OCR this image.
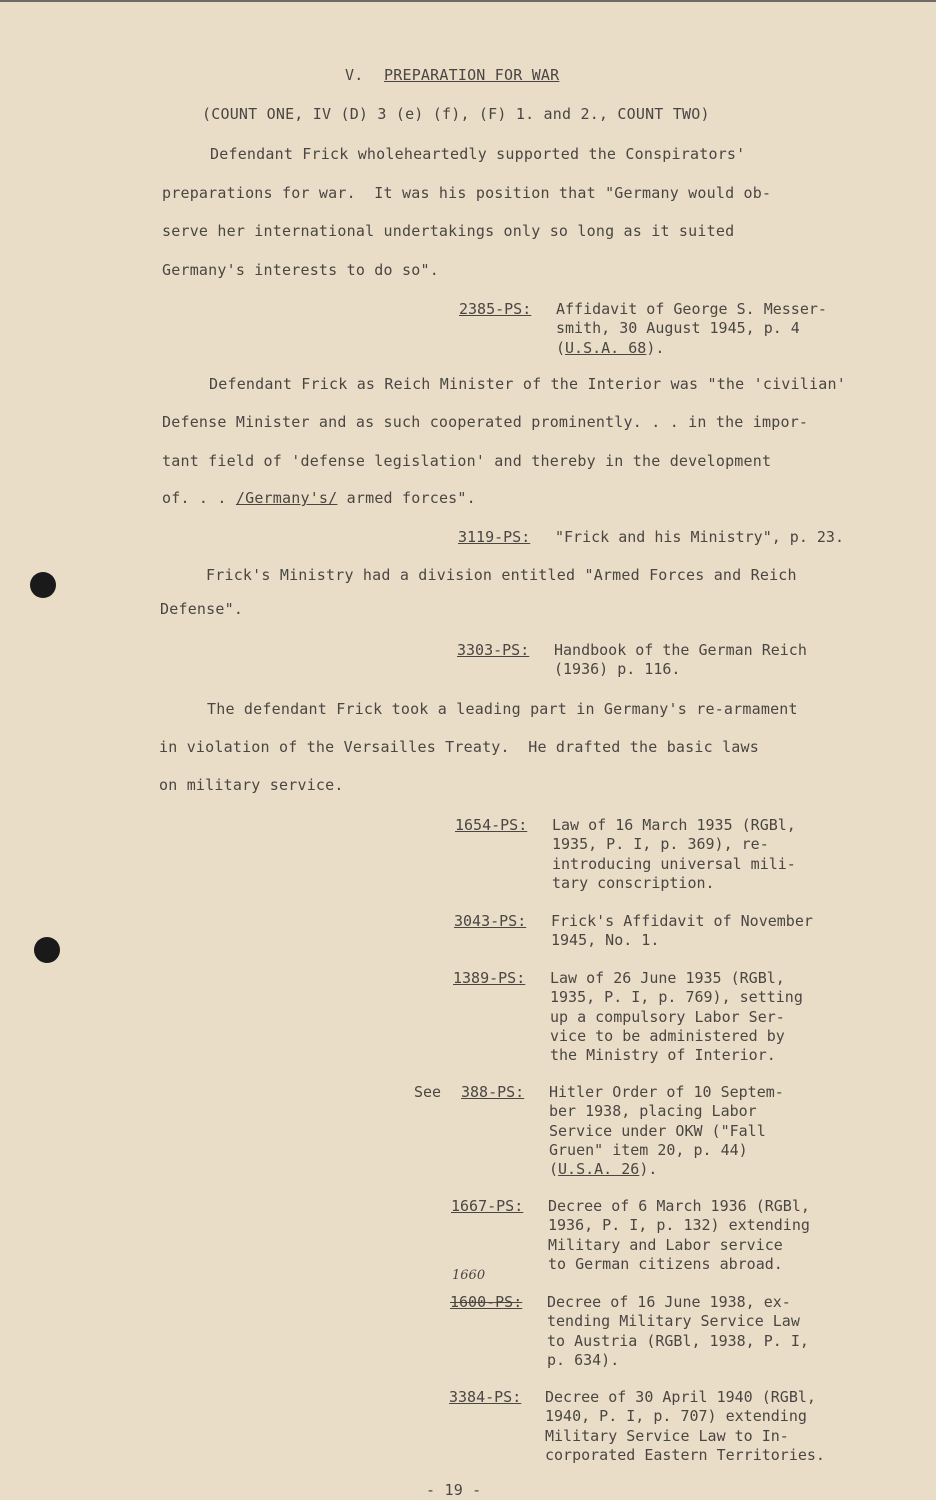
V. PREPARATION FOR WAR
(COUNT ONE, IV (D) 3 (e) (f), (F) 1. and 2., COUNT TWO)
Defendant Frick wholeheartedly supported the Conspirators'
preparations for war.  It was his position that "Germany would ob-
serve her international undertakings only so long as it suited
Germany's interests to do so".
2385-PS: Affidavit of George S. Messer-
smith, 30 August 1945, p. 4
(U.S.A. 68).
Defendant Frick as Reich Minister of the Interior was "the 'civilian'
Defense Minister and as such cooperated prominently. . . in the impor-
tant field of 'defense legislation' and thereby in the development
of. . . /Germany's/ armed forces".
3119-PS: "Frick and his Ministry", p. 23.
Frick's Ministry had a division entitled "Armed Forces and Reich
Defense".
3303-PS: Handbook of the German Reich
(1936) p. 116.
The defendant Frick took a leading part in Germany's re-armament
in violation of the Versailles Treaty.  He drafted the basic laws
on military service.
1654-PS: Law of 16 March 1935 (RGBl,
1935, P. I, p. 369), re-
introducing universal mili-
tary conscription.
3043-PS: Frick's Affidavit of November
1945, No. 1.
1389-PS: Law of 26 June 1935 (RGBl,
1935, P. I, p. 769), setting
up a compulsory Labor Ser-
vice to be administered by
the Ministry of Interior.
See 388-PS: Hitler Order of 10 Septem-
ber 1938, placing Labor
Service under OKW ("Fall
Gruen" item 20, p. 44)
(U.S.A. 26).
1667-PS: Decree of 6 March 1936 (RGBl,
1936, P. I, p. 132) extending
Military and Labor service
to German citizens abroad.
1660
1600-PS: Decree of 16 June 1938, ex-
tending Military Service Law
to Austria (RGBl, 1938, P. I,
p. 634).
3384-PS: Decree of 30 April 1940 (RGBl,
1940, P. I, p. 707) extending
Military Service Law to In-
corporated Eastern Territories.
- 19 -
